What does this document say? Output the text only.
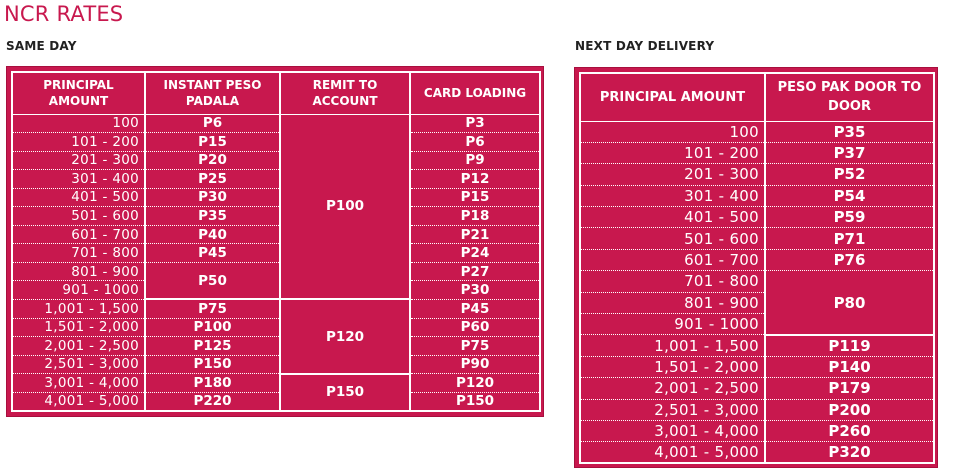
NCR RATES
SAME DAY	NEXT DAY DELIVERY
PRINCIPAL AMOUNT	INSTANT PESO PADALA	REMIT TO ACCOUNT	CARD LOADING
100	P6	P100	P3
101 - 200	P15		P6
201 - 300	P20		P9
301 - 400	P25		P12
401 - 500	P30		P15
501 - 600	P35		P18
601 - 700	P40		P21
701 - 800	P45		P24
801 - 900	P50		P27
901 - 1000			P30
1,001 - 1,500	P75	P120	P45
1,501 - 2,000	P100		P60
2,001 - 2,500	P125		P75
2,501 - 3,000	P150		P90
3,001 - 4,000	P180	P150	P120
4,001 - 5,000	P220		P150
PRINCIPAL AMOUNT	PESO PAK DOOR TO DOOR
100	P35
101 - 200	P37
201 - 300	P52
301 - 400	P54
401 - 500	P59
501 - 600	P71
601 - 700	P76
701 - 800	P80
801 - 900	
901 - 1000	
1,001 - 1,500	P119
1,501 - 2,000	P140
2,001 - 2,500	P179
2,501 - 3,000	P200
3,001 - 4,000	P260
4,001 - 5,000	P320
